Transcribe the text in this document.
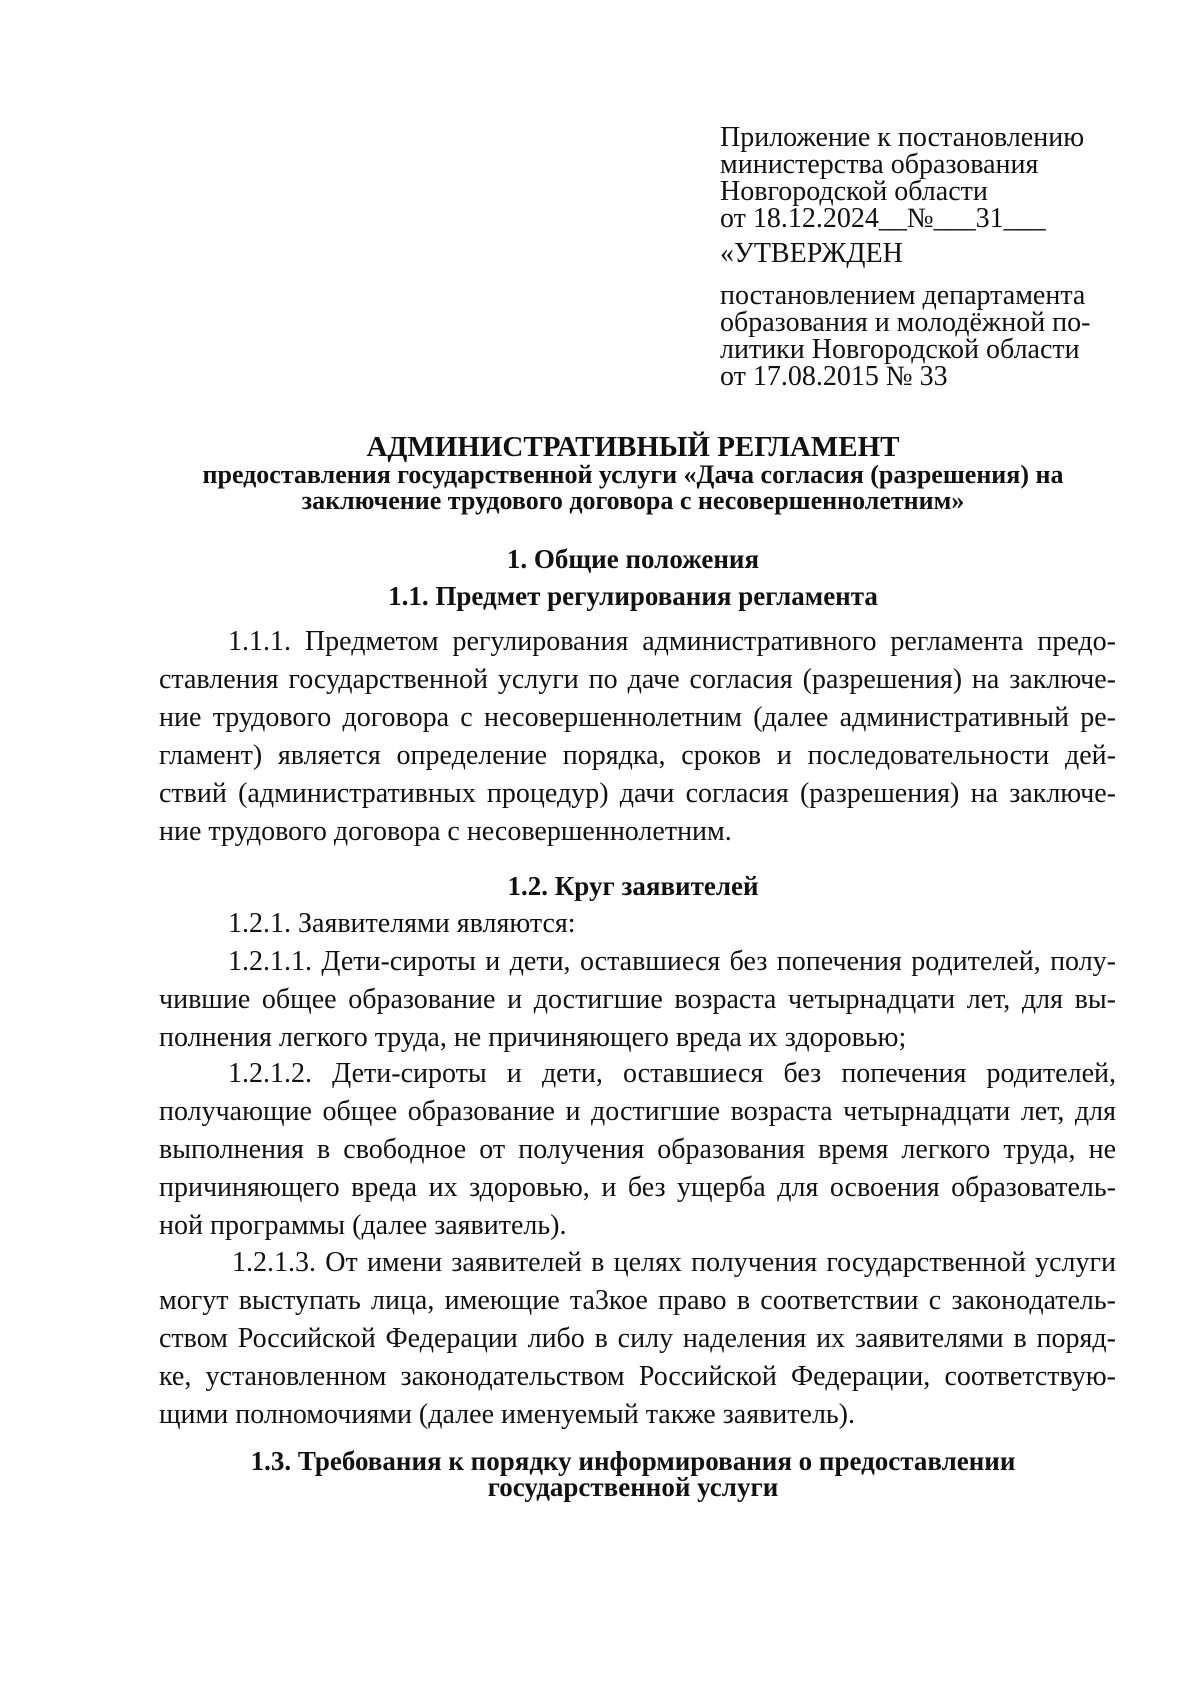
Приложение к постановлению

министерства образования

Новгородской области

от 18.12.2024__№___31___

«УТВЕРЖДЕН

постановлением департамента

образования и молодёжной по-

литики Новгородской области

от 17.08.2015 № 33

АДМИНИСТРАТИВНЫЙ РЕГЛАМЕНТ

предоставления государственной услуги «Дача согласия (разрешения) на

заключение трудового договора с несовершеннолетним»

1. Общие положения

1.1. Предмет регулирования регламента

1.1.1. Предметом регулирования административного регламента предо-

ставления государственной услуги по даче согласия (разрешения) на заключе-

ние трудового договора с несовершеннолетним (далее административный ре-

гламент) является определение порядка, сроков и последовательности дей-

ствий (административных процедур) дачи согласия (разрешения) на заключе-

ние трудового договора с несовершеннолетним.

1.2. Круг заявителей

1.2.1. Заявителями являются:

1.2.1.1. Дети-сироты и дети, оставшиеся без попечения родителей, полу-

чившие общее образование и достигшие возраста четырнадцати лет, для вы-

полнения легкого труда, не причиняющего вреда их здоровью;

1.2.1.2. Дети-сироты и дети, оставшиеся без попечения родителей,

получающие общее образование и достигшие возраста четырнадцати лет, для

выполнения в свободное от получения образования время легкого труда, не

причиняющего вреда их здоровью, и без ущерба для освоения образователь-

ной программы (далее заявитель).

1.2.1.3. От имени заявителей в целях получения государственной услуги

могут выступать лица, имеющие та3кое право в соответствии с законодатель-

ством Российской Федерации либо в силу наделения их заявителями в поряд-

ке, установленном законодательством Российской Федерации, соответствую-

щими полномочиями (далее именуемый также заявитель).

1.3. Требования к порядку информирования о предоставлении

государственной услуги
